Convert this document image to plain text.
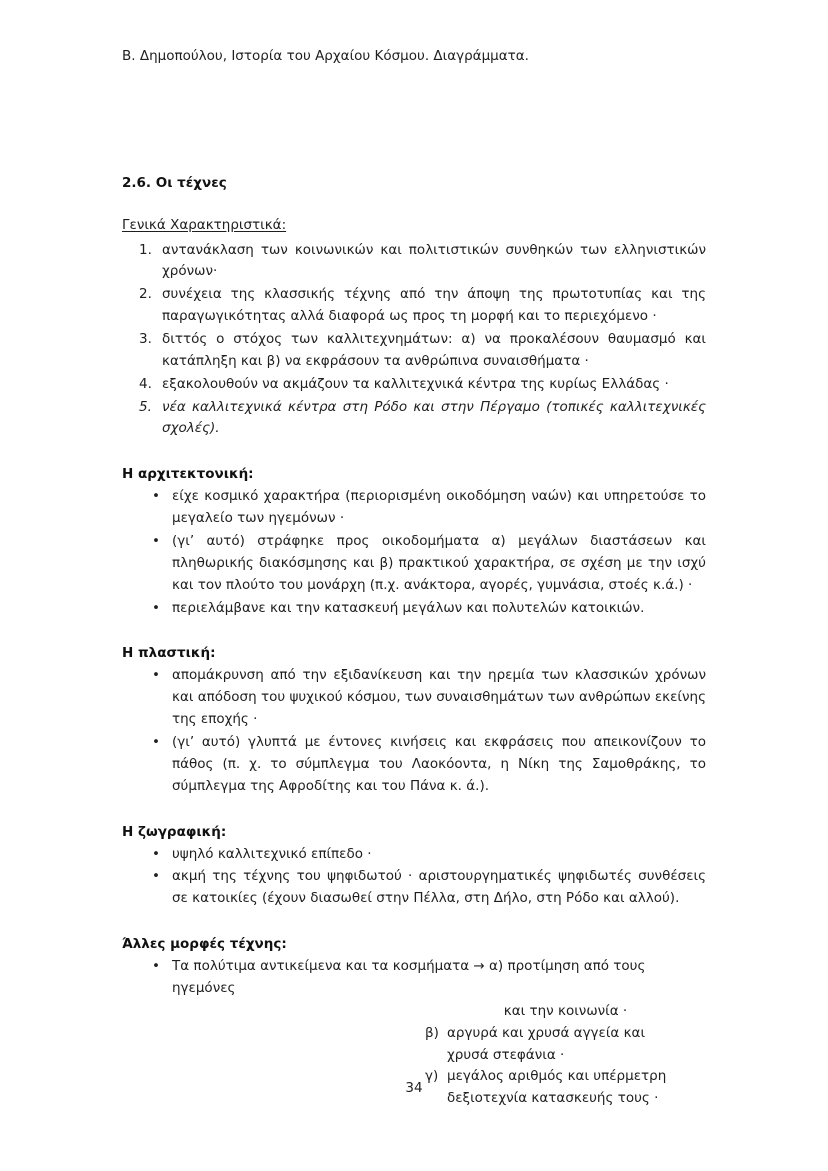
Β. Δημοπούλου, Ιστορία του Αρχαίου Κόσμου. Διαγράμματα.
2.6. Οι τέχνες
Γενικά Χαρακτηριστικά:
1. αντανάκλαση των κοινωνικών και πολιτιστικών συνθηκών των ελληνιστικών χρόνων·
2. συνέχεια της κλασσικής τέχνης από την άποψη της πρωτοτυπίας και της παραγωγικότητας αλλά διαφορά ως προς τη μορφή και το περιεχόμενο ·
3. διττός ο στόχος των καλλιτεχνημάτων: α) να προκαλέσουν θαυμασμό και κατάπληξη και β) να εκφράσουν τα ανθρώπινα συναισθήματα ·
4. εξακολουθούν να ακμάζουν τα καλλιτεχνικά κέντρα της κυρίως Ελλάδας ·
5. νέα καλλιτεχνικά κέντρα στη Ρόδο και στην Πέργαμο (τοπικές καλλιτεχνικές σχολές).
Η αρχιτεκτονική:
• είχε κοσμικό χαρακτήρα (περιορισμένη οικοδόμηση ναών) και υπηρετούσε το μεγαλείο των ηγεμόνων ·
• (γι’ αυτό) στράφηκε προς οικοδομήματα α) μεγάλων διαστάσεων και πληθωρικής διακόσμησης και β) πρακτικού χαρακτήρα, σε σχέση με την ισχύ και τον πλούτο του μονάρχη (π.χ. ανάκτορα, αγορές, γυμνάσια, στοές κ.ά.) ·
• περιελάμβανε και την κατασκευή μεγάλων και πολυτελών κατοικιών.
Η πλαστική:
• απομάκρυνση από την εξιδανίκευση και την ηρεμία των κλασσικών χρόνων και απόδοση του ψυχικού κόσμου, των συναισθημάτων των ανθρώπων εκείνης της εποχής ·
• (γι’ αυτό) γλυπτά με έντονες κινήσεις και εκφράσεις που απεικονίζουν το πάθος (π. χ. το σύμπλεγμα του Λαοκόοντα, η Νίκη της Σαμοθράκης, το σύμπλεγμα της Αφροδίτης και του Πάνα κ. ά.).
Η ζωγραφική:
• υψηλό καλλιτεχνικό επίπεδο ·
• ακμή της τέχνης του ψηφιδωτού · αριστουργηματικές ψηφιδωτές συνθέσεις σε κατοικίες (έχουν διασωθεί στην Πέλλα, στη Δήλο, στη Ρόδο και αλλού).
Άλλες μορφές τέχνης:
• Τα πολύτιμα αντικείμενα και τα κοσμήματα → α) προτίμηση από τους ηγεμόνες
και την κοινωνία ·
β) αργυρά και χρυσά αγγεία και
χρυσά στεφάνια ·
γ) μεγάλος αριθμός και υπέρμετρη
δεξιοτεχνία κατασκευής τους ·
34
